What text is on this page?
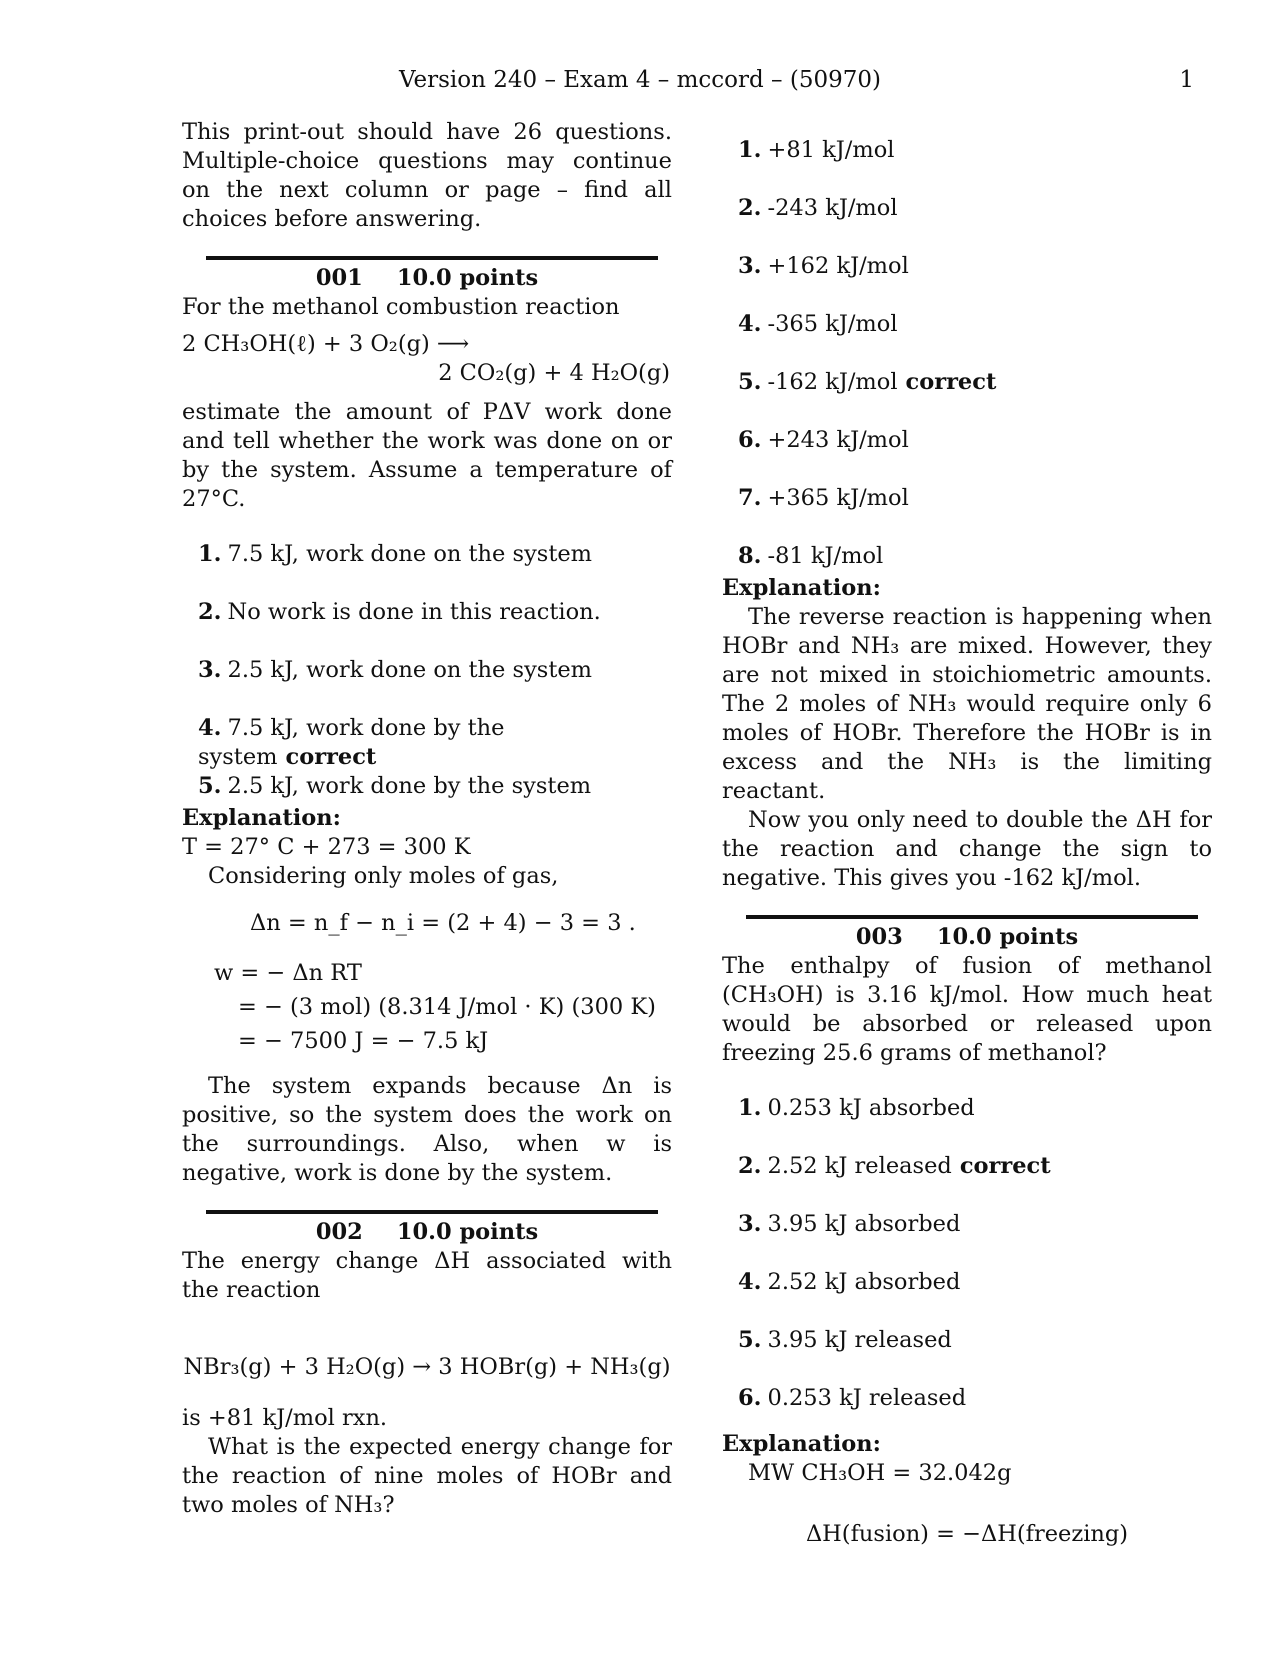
Version 240 – Exam 4 – mccord – (50970)	1

This print-out should have 26 questions. Multiple-choice questions may continue on the next column or page – find all choices before answering.

001 10.0 points

For the methanol combustion reaction

2 CH₃OH(ℓ) + 3 O₂(g) ⟶

2 CO₂(g) + 4 H₂O(g)

estimate the amount of PΔV work done and tell whether the work was done on or by the system. Assume a temperature of 27°C.

1. 7.5 kJ, work done on the system
2. No work is done in this reaction.
3. 2.5 kJ, work done on the system
4. 7.5 kJ, work done by the system correct
5. 2.5 kJ, work done by the system
Explanation:

T = 27° C + 273 = 300 K

Considering only moles of gas,

Δn = n_f − n_i = (2 + 4) − 3 = 3 .

w = − Δn RT
= − (3 mol) (8.314 J/mol · K) (300 K)
= − 7500 J = − 7.5 kJ

The system expands because Δn is positive, so the system does the work on the surroundings. Also, when w is negative, work is done by the system.

002 10.0 points

The energy change ΔH associated with the reaction

NBr₃(g) + 3 H₂O(g) → 3 HOBr(g) + NH₃(g)

is +81 kJ/mol rxn.

What is the expected energy change for the reaction of nine moles of HOBr and two moles of NH₃?

1. +81 kJ/mol
2. -243 kJ/mol
3. +162 kJ/mol
4. -365 kJ/mol
5. -162 kJ/mol correct
6. +243 kJ/mol
7. +365 kJ/mol
8. -81 kJ/mol
Explanation:

The reverse reaction is happening when HOBr and NH₃ are mixed. However, they are not mixed in stoichiometric amounts. The 2 moles of NH₃ would require only 6 moles of HOBr. Therefore the HOBr is in excess and the NH₃ is the limiting reactant.

Now you only need to double the ΔH for the reaction and change the sign to negative. This gives you -162 kJ/mol.

003 10.0 points

The enthalpy of fusion of methanol (CH₃OH) is 3.16 kJ/mol. How much heat would be absorbed or released upon freezing 25.6 grams of methanol?

1. 0.253 kJ absorbed
2. 2.52 kJ released correct
3. 3.95 kJ absorbed
4. 2.52 kJ absorbed
5. 3.95 kJ released
6. 0.253 kJ released
Explanation:

MW CH₃OH = 32.042g

ΔH(fusion) = −ΔH(freezing)
